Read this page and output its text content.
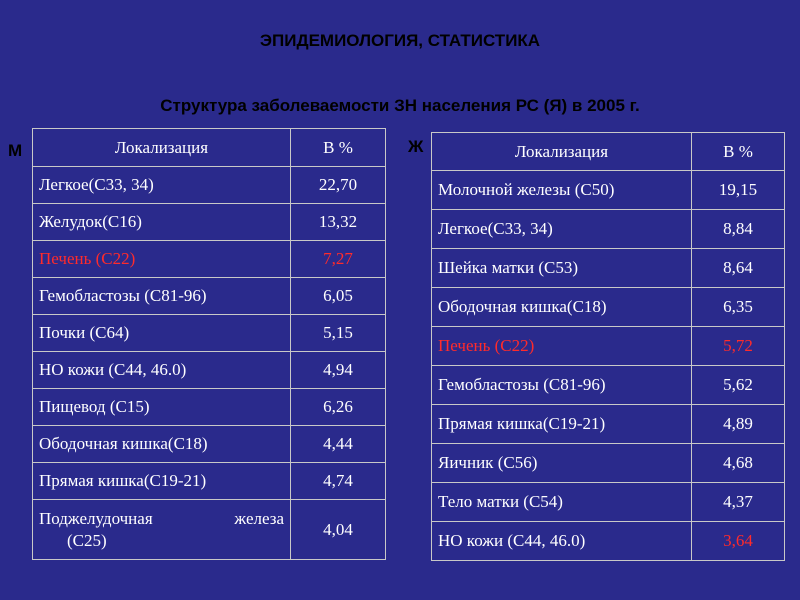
ЭПИДЕМИОЛОГИЯ, СТАТИСТИКА
Структура заболеваемости ЗН населения РС (Я) в 2005 г.
М	Ж
Локализация	В %
Легкое(С33, 34)	22,70
Желудок(С16)	13,32
Печень (С22)	7,27
Гемобластозы (С81-96)	6,05
Почки (С64)	5,15
НО кожи (С44, 46.0)	4,94
Пищевод (С15)	6,26
Ободочная кишка(С18)	4,44
Прямая кишка(С19-21)	4,74
Поджелудочная железа
(С25)	4,04
Локализация	В %
Молочной железы (С50)	19,15
Легкое(С33, 34)	8,84
Шейка матки (С53)	8,64
Ободочная кишка(С18)	6,35
Печень (С22)	5,72
Гемобластозы (С81-96)	5,62
Прямая кишка(С19-21)	4,89
Яичник (С56)	4,68
Тело матки (С54)	4,37
НО кожи (С44, 46.0)	3,64
